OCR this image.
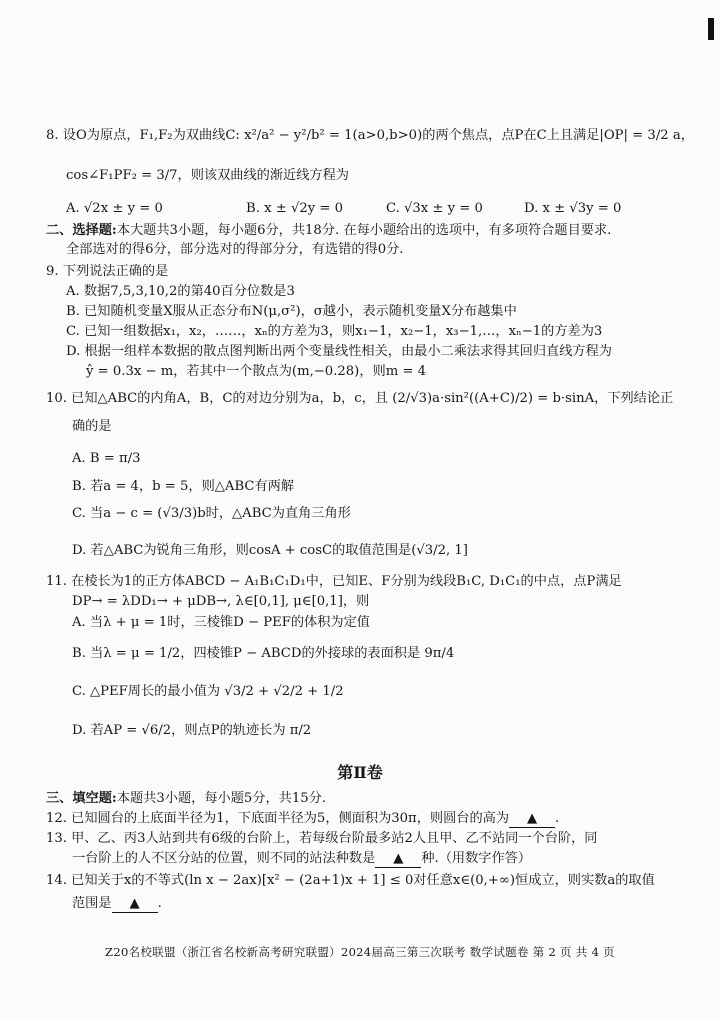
8. 设O为原点，F₁,F₂为双曲线C: x²/a² − y²/b² = 1(a>0,b>0)的两个焦点，点P在C上且满足|OP| = 3/2 a，
cos∠F₁PF₂ = 3/7，则该双曲线的渐近线方程为
A. √2x ± y = 0	B. x ± √2y = 0	C. √3x ± y = 0	D. x ± √3y = 0
二、选择题:本大题共3小题，每小题6分，共18分. 在每小题给出的选项中，有多项符合题目要求.
全部选对的得6分，部分选对的得部分分，有选错的得0分.
9. 下列说法正确的是
A. 数据7,5,3,10,2的第40百分位数是3
B. 已知随机变量X服从正态分布N(μ,σ²)，σ越小，表示随机变量X分布越集中
C. 已知一组数据x₁，x₂，……，xₙ的方差为3，则x₁−1，x₂−1，x₃−1,…，xₙ−1的方差为3
D. 根据一组样本数据的散点图判断出两个变量线性相关，由最小二乘法求得其回归直线方程为
ŷ = 0.3x − m，若其中一个散点为(m,−0.28)，则m = 4
10. 已知△ABC的内角A，B，C的对边分别为a，b，c，且 (2/√3)a·sin²((A+C)/2) = b·sinA，下列结论正
确的是
A. B = π/3
B. 若a = 4，b = 5，则△ABC有两解
C. 当a − c = (√3/3)b时，△ABC为直角三角形
D. 若△ABC为锐角三角形，则cosA + cosC的取值范围是(√3/2, 1]
11. 在棱长为1的正方体ABCD − A₁B₁C₁D₁中，已知E、F分别为线段B₁C, D₁C₁的中点，点P满足
DP→ = λDD₁→ + μDB→, λ∈[0,1], μ∈[0,1]，则
A. 当λ + μ = 1时，三棱锥D − PEF的体积为定值
B. 当λ = μ = 1/2，四棱锥P − ABCD的外接球的表面积是 9π/4
C. △PEF周长的最小值为 √3/2 + √2/2 + 1/2
D. 若AP = √6/2，则点P的轨迹长为 π/2
第Ⅱ卷
三、填空题:本题共3小题，每小题5分，共15分.
12. 已知圆台的上底面半径为1，下底面半径为5，侧面积为30π，则圆台的高为 ▲ .
13. 甲、乙、丙3人站到共有6级的台阶上，若每级台阶最多站2人且甲、乙不站同一个台阶，同
一台阶上的人不区分站的位置，则不同的站法种数是 ▲ 种.（用数字作答）
14. 已知关于x的不等式(ln x − 2ax)[x² − (2a+1)x + 1] ≤ 0对任意x∈(0,+∞)恒成立，则实数a的取值
范围是 ▲ .
Z20名校联盟（浙江省名校新高考研究联盟）2024届高三第三次联考 数学试题卷 第 2 页 共 4 页
